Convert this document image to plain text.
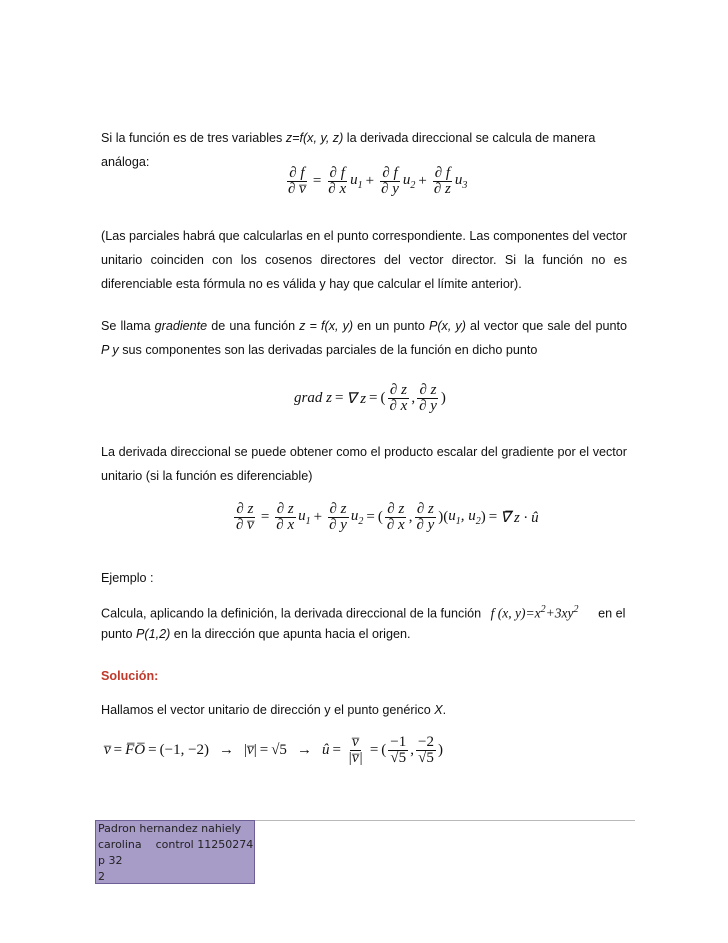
Si la función es de tres variables z=f(x, y, z) la derivada direccional se calcula de manera análoga:

$\frac{\partial f}{\partial v̅} = \frac{\partial f}{\partial x} u_1 + \frac{\partial f}{\partial y} u_2 + \frac{\partial f}{\partial z} u_3$

(Las parciales habrá que calcularlas en el punto correspondiente. Las componentes del vector unitario coinciden con los cosenos directores del vector director. Si la función no es diferenciable esta fórmula no es válida y hay que calcular el límite anterior).

Se llama gradiente de una función z = f(x, y) en un punto P(x, y) al vector que sale del punto P y sus componentes son las derivadas parciales de la función en dicho punto

grad z = ∇ z = ( $\frac{\partial z}{\partial x}$ , $\frac{\partial z}{\partial y}$ )

La derivada direccional se puede obtener como el producto escalar del gradiente por el vector unitario (si la función es diferenciable)

$\frac{\partial z}{\partial v̅} = \frac{\partial z}{\partial x} u_1 + \frac{\partial z}{\partial y} u_2$ = ( $\frac{\partial z}{\partial x}$ , $\frac{\partial z}{\partial y}$ ) ( $u_1$, $u_2$ ) = ∇̅ z · û

Ejemplo :

Calcula, aplicando la definición, la derivada direccional de la función f (x, $y)=x^2+3xy^2$ en el
punto P(1,2) en la dirección que apunta hacia el origen.

Solución:

Hallamos el vector unitario de dirección y el punto genérico X.

v̅ = F̅O̅ = (−1, −2) → | v̅ | = √5 → û = $\frac{v̅}{|v̅|}$ = ( $\frac{-1}{√5}$ , $\frac{-2}{√5}$ )
Padron hernandez nahiely
carolina    control 11250274
p 32
2
